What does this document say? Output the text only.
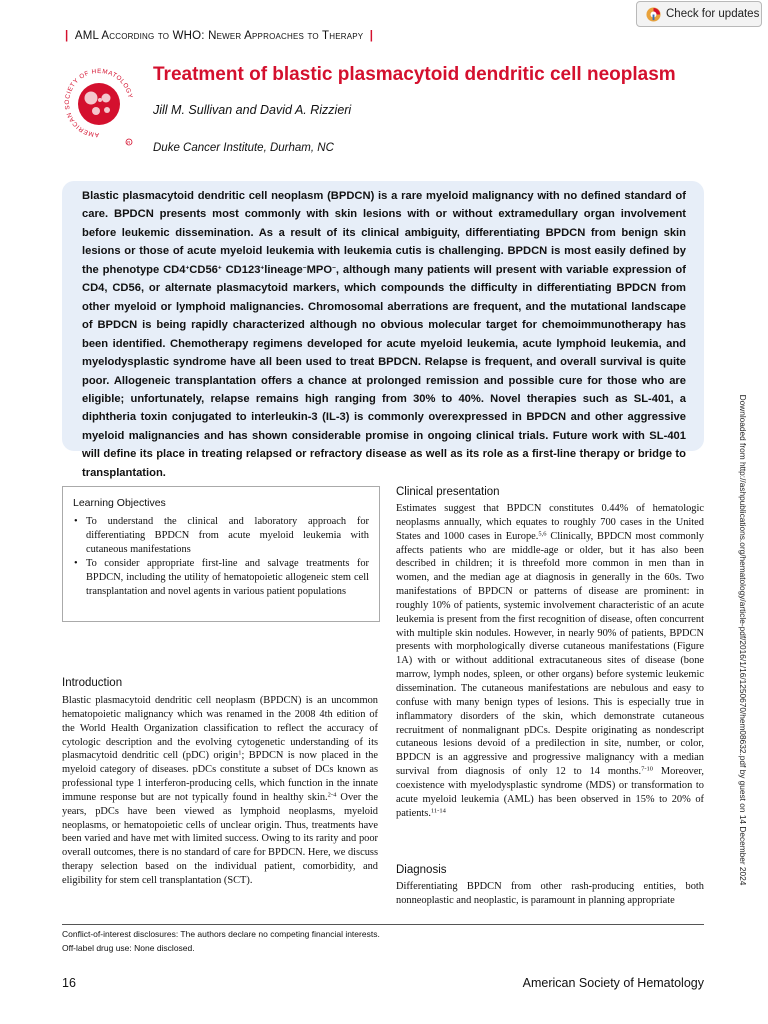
| AML According to WHO: Newer Approaches to Therapy |
Check for updates
AMERICAN SOCIETY OF HEMATOLOGY
R
Treatment of blastic plasmacytoid dendritic cell neoplasm
Jill M. Sullivan and David A. Rizzieri
Duke Cancer Institute, Durham, NC
Blastic plasmacytoid dendritic cell neoplasm (BPDCN) is a rare myeloid malignancy with no defined standard of care. BPDCN presents most commonly with skin lesions with or without extramedullary organ involvement before leukemic dissemination. As a result of its clinical ambiguity, differentiating BPDCN from benign skin lesions or those of acute myeloid leukemia with leukemia cutis is challenging. BPDCN is most easily defined by the phenotype CD4+CD56+ CD123+lineage−MPO−, although many patients will present with variable expression of CD4, CD56, or alternate plasmacytoid markers, which compounds the difficulty in differentiating BPDCN from other myeloid or lymphoid malignancies. Chromosomal aberrations are frequent, and the mutational landscape of BPDCN is being rapidly characterized although no obvious molecular target for chemoimmunotherapy has been identified. Chemotherapy regimens developed for acute myeloid leukemia, acute lymphoid leukemia, and myelodysplastic syndrome have all been used to treat BPDCN. Relapse is frequent, and overall survival is quite poor. Allogeneic transplantation offers a chance at prolonged remission and possible cure for those who are eligible; unfortunately, relapse remains high ranging from 30% to 40%. Novel therapies such as SL-401, a diphtheria toxin conjugated to interleukin-3 (IL-3) is commonly overexpressed in BPDCN and other aggressive myeloid malignancies and has shown considerable promise in ongoing clinical trials. Future work with SL-401 will define its place in treating relapsed or refractory disease as well as its role as a first-line therapy or bridge to transplantation.	Downloaded from http://ashpublications.org/hematology/article-pdf/2016/1/16/1250670/hem08632.pdf by guest on 14 December 2024
Learning Objectives
• To understand the clinical and laboratory approach for differentiating BPDCN from acute myeloid leukemia with cutaneous manifestations
• To consider appropriate first-line and salvage treatments for BPDCN, including the utility of hematopoietic allogeneic stem cell transplantation and novel agents in various patient populations
Introduction
Blastic plasmacytoid dendritic cell neoplasm (BPDCN) is an uncommon hematopoietic malignancy which was renamed in the 2008 4th edition of the World Health Organization classification to reflect the accuracy of cytologic description and the evolving cytogenetic understanding of its plasmacytoid dendritic cell (pDC) origin$^1$; BPDCN is now placed in the myeloid category of diseases. pDCs constitute a subset of DCs known as professional type 1 interferon-producing cells, which function in the innate immune response but are not typically found in healthy skin.$^{2-4}$ Over the years, pDCs have been viewed as lymphoid neoplasms, myeloid neoplasms, or hematopoietic cells of unclear origin. Thus, treatments have been varied and have met with limited success. Owing to its rarity and poor overall outcomes, there is no standard of care for BPDCN. Here, we discuss therapy selection based on the individual patient, comorbidity, and eligibility for stem cell transplantation (SCT).
Clinical presentation
Estimates suggest that BPDCN constitutes 0.44% of hematologic neoplasms annually, which equates to roughly 700 cases in the United States and 1000 cases in Europe.$^{5,6}$ Clinically, BPDCN most commonly affects patients who are middle-age or older, but it has also been described in children; it is threefold more common in men than in women, and the median age at diagnosis in generally in the 60s. Two manifestations of BPDCN or patterns of disease are prominent: in roughly 10% of patients, systemic involvement characteristic of an acute leukemia is present from the first recognition of disease, often concurrent with multiple skin nodules. However, in nearly 90% of patients, BPDCN presents with morphologically diverse cutaneous manifestations (Figure 1A) with or without additional extracutaneous sites of disease (bone marrow, lymph nodes, spleen, or other organs) before systemic leukemic dissemination. The cutaneous manifestations are nebulous and easy to confuse with many benign types of lesions. This is especially true in inflammatory disorders of the skin, which demonstrate cutaneous recruitment of nonmalignant pDCs. Despite originating as nondescript cutaneous lesions devoid of a predilection in site, number, or color, BPDCN is an aggressive and progressive malignancy with a median survival from diagnosis of only 12 to 14 months.$^{7-10}$ Moreover, coexistence with myelodysplastic syndrome (MDS) or transformation to acute myeloid leukemia (AML) has been observed in 15% to 20% of patients.$^{11-14}$
Diagnosis
Differentiating BPDCN from other rash-producing entities, both nonneoplastic and neoplastic, is paramount in planning appropriate
Conflict-of-interest disclosures: The authors declare no competing financial interests.
Off-label drug use: None disclosed.
16	American Society of Hematology
